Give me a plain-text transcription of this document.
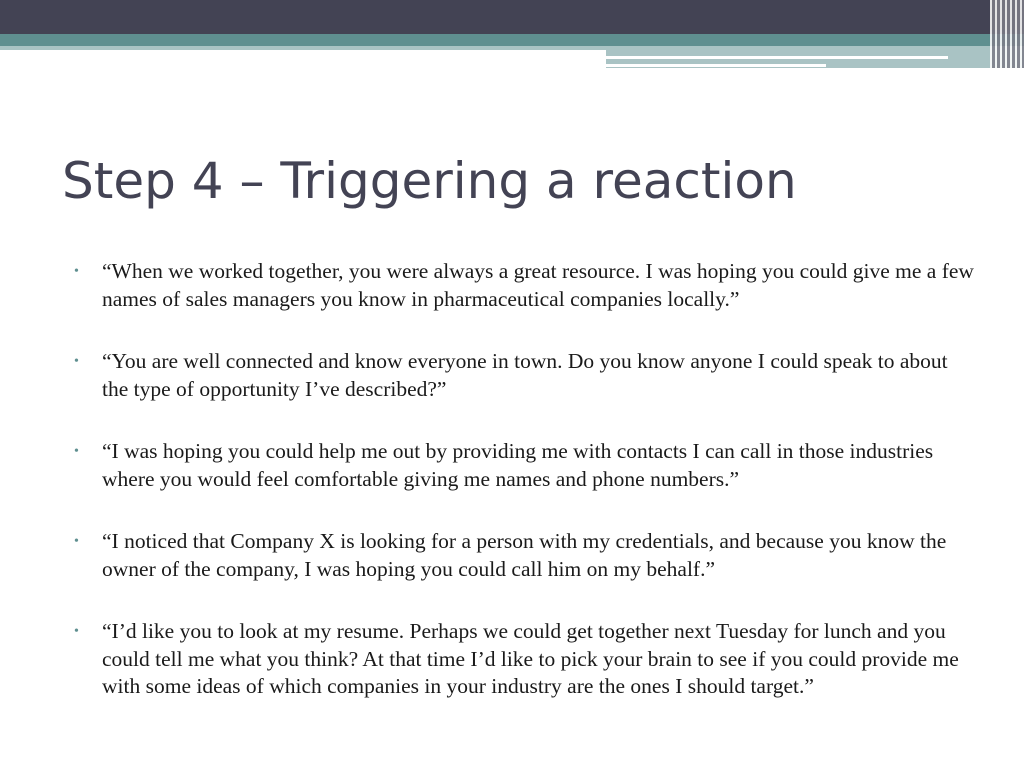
Step 4 – Triggering a reaction
• “When we worked together, you were always a great resource. I was hoping you could give me a few names of sales managers you know in pharmaceutical companies locally.”
• “You are well connected and know everyone in town. Do you know anyone I could speak to about the type of opportunity I’ve described?”
• “I was hoping you could help me out by providing me with contacts I can call in those industries where you would feel comfortable giving me names and phone numbers.”
• “I noticed that Company X is looking for a person with my credentials, and because you know the owner of the company, I was hoping you could call him on my behalf.”
• “I’d like you to look at my resume. Perhaps we could get together next Tuesday for lunch and you could tell me what you think? At that time I’d like to pick your brain to see if you could provide me with some ideas of which companies in your industry are the ones I should target.”
